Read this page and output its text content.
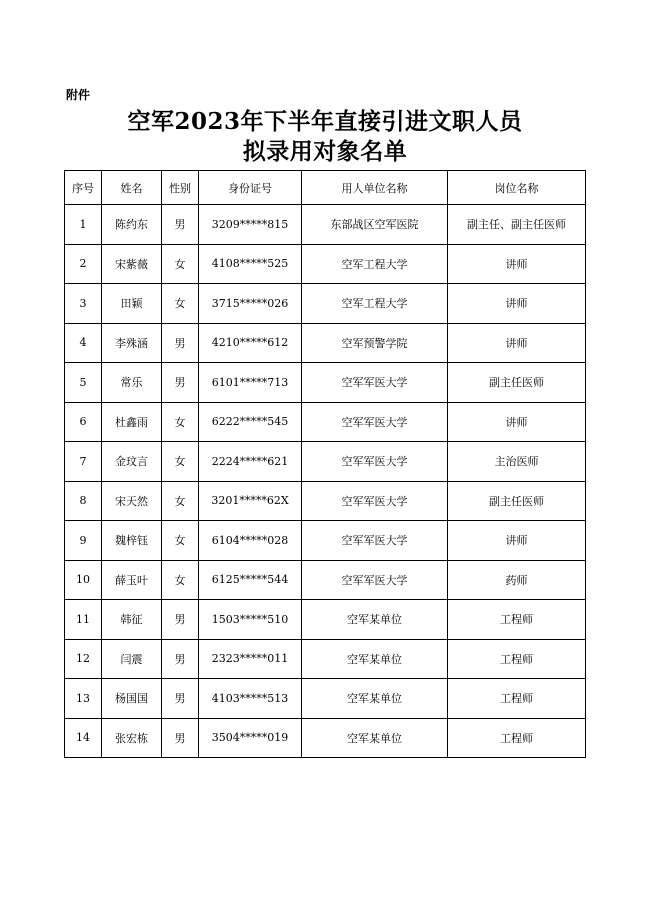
附件
空军2023年下半年直接引进文职人员
拟录用对象名单
序号	姓名	性别	身份证号	用人单位名称	岗位名称
1	陈约东	男	3209*****815	东部战区空军医院	副主任、副主任医师
2	宋紫薇	女	4108*****525	空军工程大学	讲师
3	田颖	女	3715*****026	空军工程大学	讲师
4	李殊涵	男	4210*****612	空军预警学院	讲师
5	常乐	男	6101*****713	空军军医大学	副主任医师
6	杜鑫雨	女	6222*****545	空军军医大学	讲师
7	金玟言	女	2224*****621	空军军医大学	主治医师
8	宋天然	女	3201*****62X	空军军医大学	副主任医师
9	魏梓钰	女	6104*****028	空军军医大学	讲师
10	薛玉叶	女	6125*****544	空军军医大学	药师
11	韩征	男	1503*****510	空军某单位	工程师
12	闫震	男	2323*****011	空军某单位	工程师
13	杨国国	男	4103*****513	空军某单位	工程师
14	张宏栋	男	3504*****019	空军某单位	工程师
